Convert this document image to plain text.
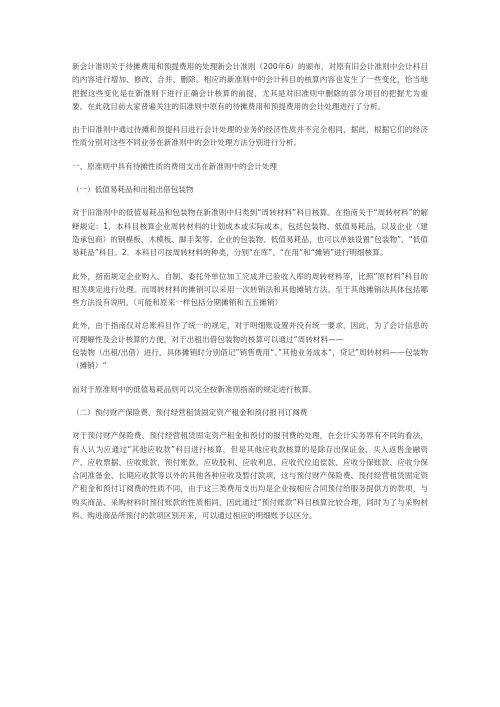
新会计准则关于待摊费用和预提费用的处理新会计准则（200年6）的颁布，对原有旧会计准则中会计科目的内容进行增加、修改、合并、删除。相应的新准则中的会计科目的核算内容也发生了一些变化，恰当地把握这些变化是在新准则下进行正确会计核算的前提，尤其是对旧准则中删除的部分项目的把握尤为重要。在此就目前大家普遍关注的旧准则中原有的待摊费用和预提费用的会计处理进行了分析。

由于旧准则中通过待摊和预提科目进行会计处理的业务的经济性质并不完全相同，据此，根据它们的经济性质分别对这些不同业务在新准则中的会计处理方法分别进行分析。

一、原准则中具有待摊性质的费用支出在新准则中的会计处理

（一）低值易耗品和出租出借包装物

对于旧准则中的低值易耗品和包装物在新准则中归类到“周转材料”科目核算。在指南关于“周转材料”的解释规定：1．本科目核算企业周转材料的计划成本或实际成本，包括包装物、低值易耗品，以及企业（建造承包商）的钢模板、木模板、脚手架等。企业的包装物、低值易耗品，也可以单独设置“包装物”、“低值易耗品”科目。2．本科目可按周转材料的种类，分别“在库”、“在用”和“摊销”进行明细核算。

此外，指南规定企业购入、自制、委托外单位加工完成并已验收入库的周转材料等，比照“原材料”科目的相关规定进行处理。而周转材料的摊销可以采用一次转销法和其他摊销方法。至于其他摊销法具体包括哪些方法没有说明。（可能和原来一样包括分期摊销和五五摊销）

此外，由于指南仅对总账科目作了统一的规定，对于明细账设置并没有统一要求，因此，为了会计信息的可理解性及会计核算的方便，对于出租出借包装物的核算可以通过“周转材料——

包装物（出租/出借）进行，具体摊销时分别借记”销售费用“、”其他业务成本“，贷记”周转材料——包装物（摊销）“

而对于原准则中的低值易耗品则可以完全按新准则指南的规定进行核算。

（二）预付财产保险费、预付经营租赁固定资产租金和预付报刊订阅费

对于预付财产保险费、预付经营租赁固定资产租金和预付的报刊费的处理，在会计实务界有不同的看法，有人认为应通过“其他应收款”科目进行核算，但是其他应收款核算的是除存出保证金、买入返售金融资产、应收票据、应收账款、预付账款、应收股利、应收利息、应收代位追偿款、应收分保账款、应收分保合同准备金、长期应收款等以外的其他各种应收及暂付款项，这与预付财产保险费、预付经营租赁固定资产租金和预付订阅费的性质不同，由于这三类费用支出均是企业按相应合同预付给服务提供方的款项，与购买商品、采购材料时预付账款的性质相同，因此通过“预付账款”科目核算比较合理，同时为了与采购材料、购进商品所预付的款项区别开来，可以通过相应的明细账予以区分。
